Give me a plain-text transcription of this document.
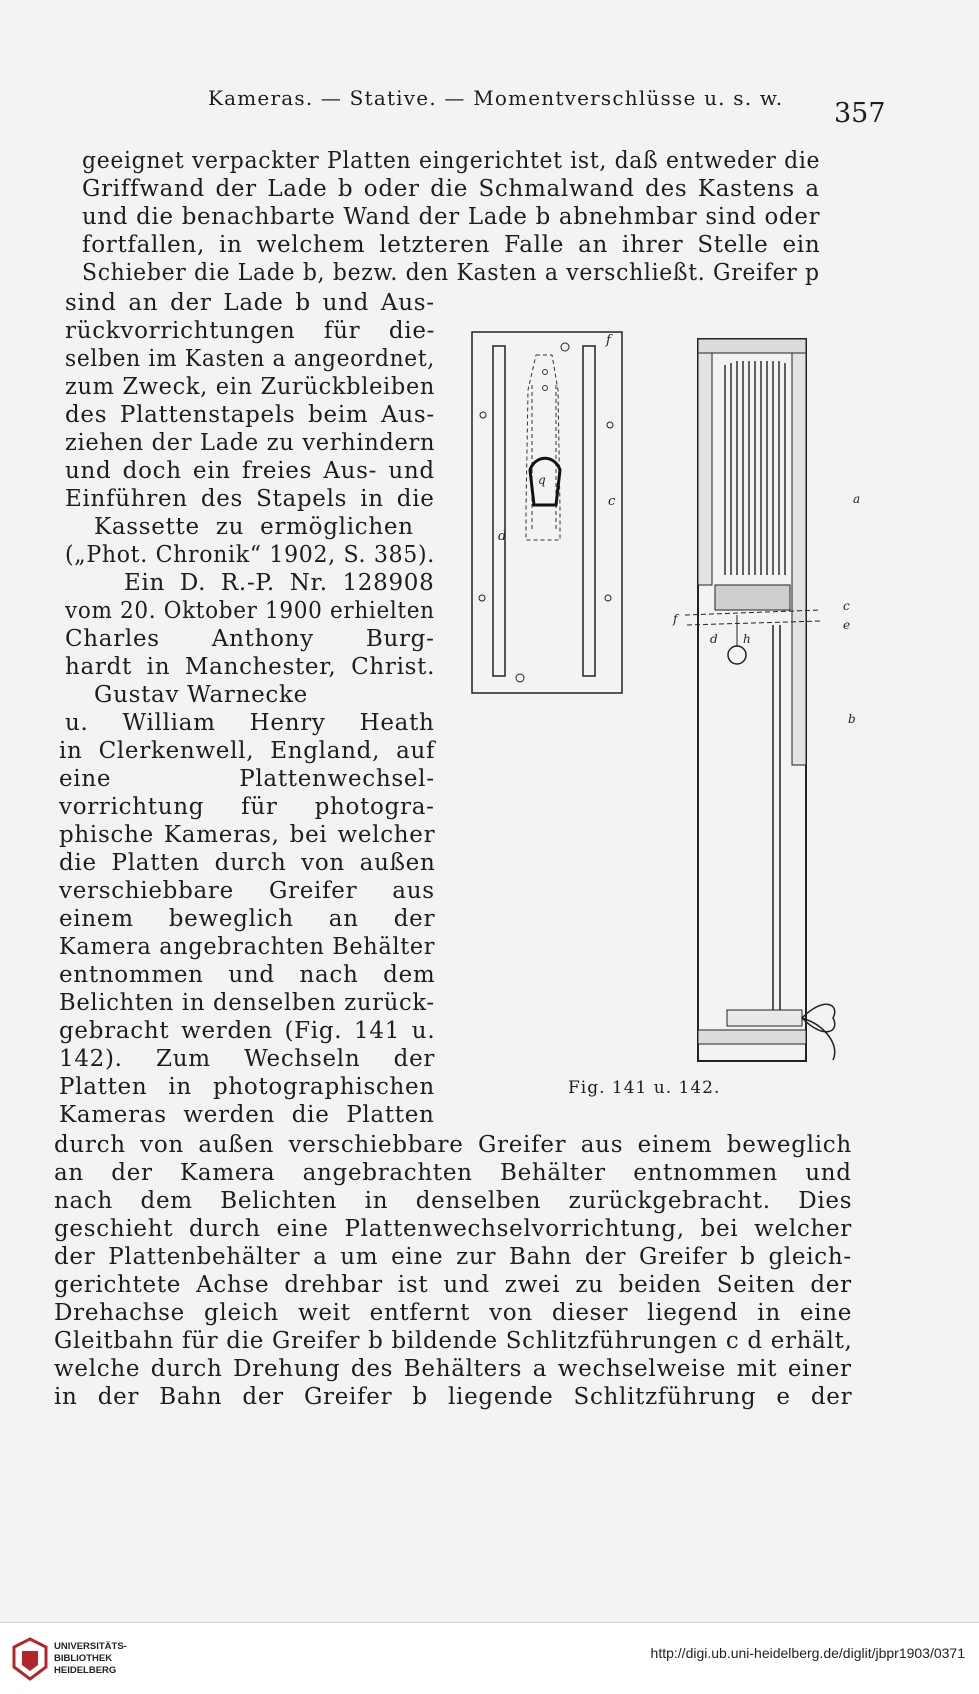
Kameras. — Stative. — Momentverschlüsse u. s. w. 357
geeignet verpackter Platten eingerichtet ist, daß entweder die
Griffwand der Lade b oder die Schmalwand des Kastens a
und die benachbarte Wand der Lade b abnehmbar sind oder
fortfallen, in welchem letzteren Falle an ihrer Stelle ein
Schieber die Lade b, bezw. den Kasten a verschließt. Greifer p
sind an der Lade b und Aus-
rückvorrichtungen für die-
selben im Kasten a angeordnet,
zum Zweck, ein Zurückbleiben
des Plattenstapels beim Aus-
ziehen der Lade zu verhindern
und doch ein freies Aus- und
Einführen des Stapels in die
Kassette zu ermöglichen
(„Phot. Chronik“ 1902, S. 385).
Ein D. R.-P. Nr. 128908
vom 20. Oktober 1900 erhielten
Charles Anthony Burg-
hardt in Manchester, Christ.
Gustav Warnecke
u. William Henry Heath
in Clerkenwell, England, auf
eine Plattenwechsel-
vorrichtung für photogra-
phische Kameras, bei welcher
die Platten durch von außen
verschiebbare Greifer aus
einem beweglich an der
Kamera angebrachten Behälter
entnommen und nach dem
Belichten in denselben zurück-
gebracht werden (Fig. 141 u.
142). Zum Wechseln der
Platten in photographischen
Kameras werden die Platten
durch von außen verschiebbare Greifer aus einem beweglich
an der Kamera angebrachten Behälter entnommen und
nach dem Belichten in denselben zurückgebracht. Dies
geschieht durch eine Plattenwechselvorrichtung, bei welcher
der Plattenbehälter a um eine zur Bahn der Greifer b gleich-
gerichtete Achse drehbar ist und zwei zu beiden Seiten der
Drehachse gleich weit entfernt von dieser liegend in eine
Gleitbahn für die Greifer b bildende Schlitzführungen c d erhält,
welche durch Drehung des Behälters a wechselweise mit einer
in der Bahn der Greifer b liegende Schlitzführung e der
f
c
d
q
a
c
f	e
d h
b
Fig. 141 u. 142.
UNIVERSITÄTS-
BIBLIOTHEK
HEIDELBERG
http://digi.ub.uni-heidelberg.de/diglit/jbpr1903/0371
